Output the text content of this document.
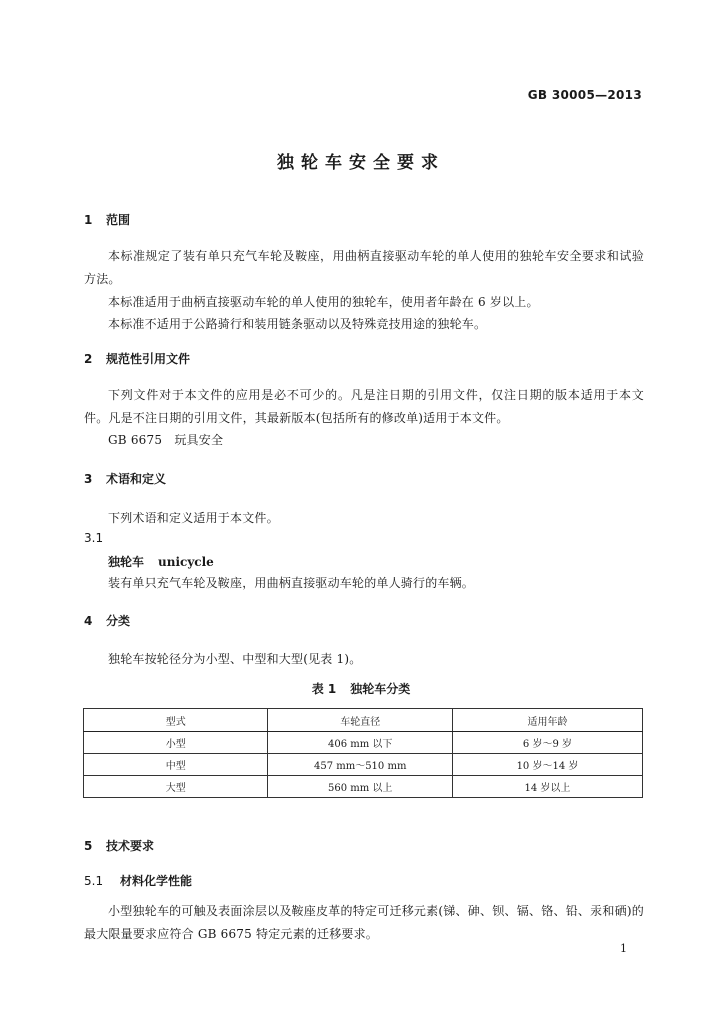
GB 30005—2013
独轮车安全要求
1 范围
本标准规定了装有单只充气车轮及鞍座，用曲柄直接驱动车轮的单人使用的独轮车安全要求和试验方法。
本标准适用于曲柄直接驱动车轮的单人使用的独轮车，使用者年龄在 6 岁以上。
本标准不适用于公路骑行和装用链条驱动以及特殊竞技用途的独轮车。
2 规范性引用文件
下列文件对于本文件的应用是必不可少的。凡是注日期的引用文件，仅注日期的版本适用于本文件。凡是不注日期的引用文件，其最新版本(包括所有的修改单)适用于本文件。
GB 6675　玩具安全
3 术语和定义
下列术语和定义适用于本文件。
3.1
独轮车 unicycle
装有单只充气车轮及鞍座，用曲柄直接驱动车轮的单人骑行的车辆。
4 分类
独轮车按轮径分为小型、中型和大型(见表 1)。
表 1 独轮车分类
型式	车轮直径	适用年龄
小型	406 mm 以下	6 岁～9 岁
中型	457 mm～510 mm	10 岁～14 岁
大型	560 mm 以上	14 岁以上
5 技术要求
5.1 材料化学性能
小型独轮车的可触及表面涂层以及鞍座皮革的特定可迁移元素(锑、砷、钡、镉、铬、铅、汞和硒)的最大限量要求应符合 GB 6675 特定元素的迁移要求。
1
